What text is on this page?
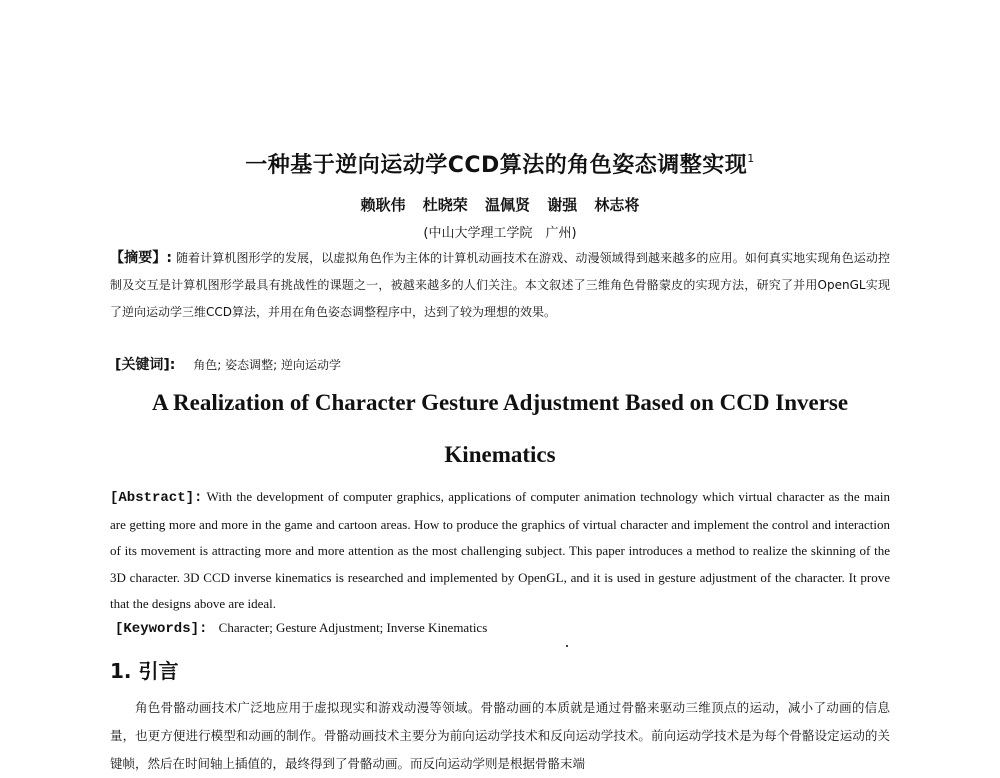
一种基于逆向运动学CCD算法的角色姿态调整实现$^1$
赖耿伟 杜晓荣 温佩贤 谢强 林志将
(中山大学理工学院　广州)
【摘要】: 随着计算机图形学的发展，以虚拟角色作为主体的计算机动画技术在游戏、动漫领域得到越来越多的应用。如何真实地实现角色运动控制及交互是计算机图形学最具有挑战性的课题之一，被越来越多的人们关注。本文叙述了三维角色骨骼蒙皮的实现方法，研究了并用OpenGL实现了逆向运动学三维CCD算法，并用在角色姿态调整程序中，达到了较为理想的效果。
[关键词]: 角色; 姿态调整; 逆向运动学
A Realization of Character Gesture Adjustment Based on CCD Inverse
Kinematics
[Abstract]: With the development of computer graphics, applications of computer animation technology which virtual character as the main are getting more and more in the game and cartoon areas. How to produce the graphics of virtual character and implement the control and interaction of its movement is attracting more and more attention as the most challenging subject. This paper introduces a method to realize the skinning of the 3D character. 3D CCD inverse kinematics is researched and implemented by OpenGL, and it is used in gesture adjustment of the character. It prove that the designs above are ideal.
[Keywords]: Character; Gesture Adjustment; Inverse Kinematics
1. 引言
角色骨骼动画技术广泛地应用于虚拟现实和游戏动漫等领域。骨骼动画的本质就是通过骨骼来驱动三维顶点的运动，减小了动画的信息量，也更方便进行模型和动画的制作。骨骼动画技术主要分为前向运动学技术和反向运动学技术。前向运动学技术是为每个骨骼设定运动的关键帧，然后在时间轴上插值的，最终得到了骨骼动画。而反向运动学则是根据骨骼末端
